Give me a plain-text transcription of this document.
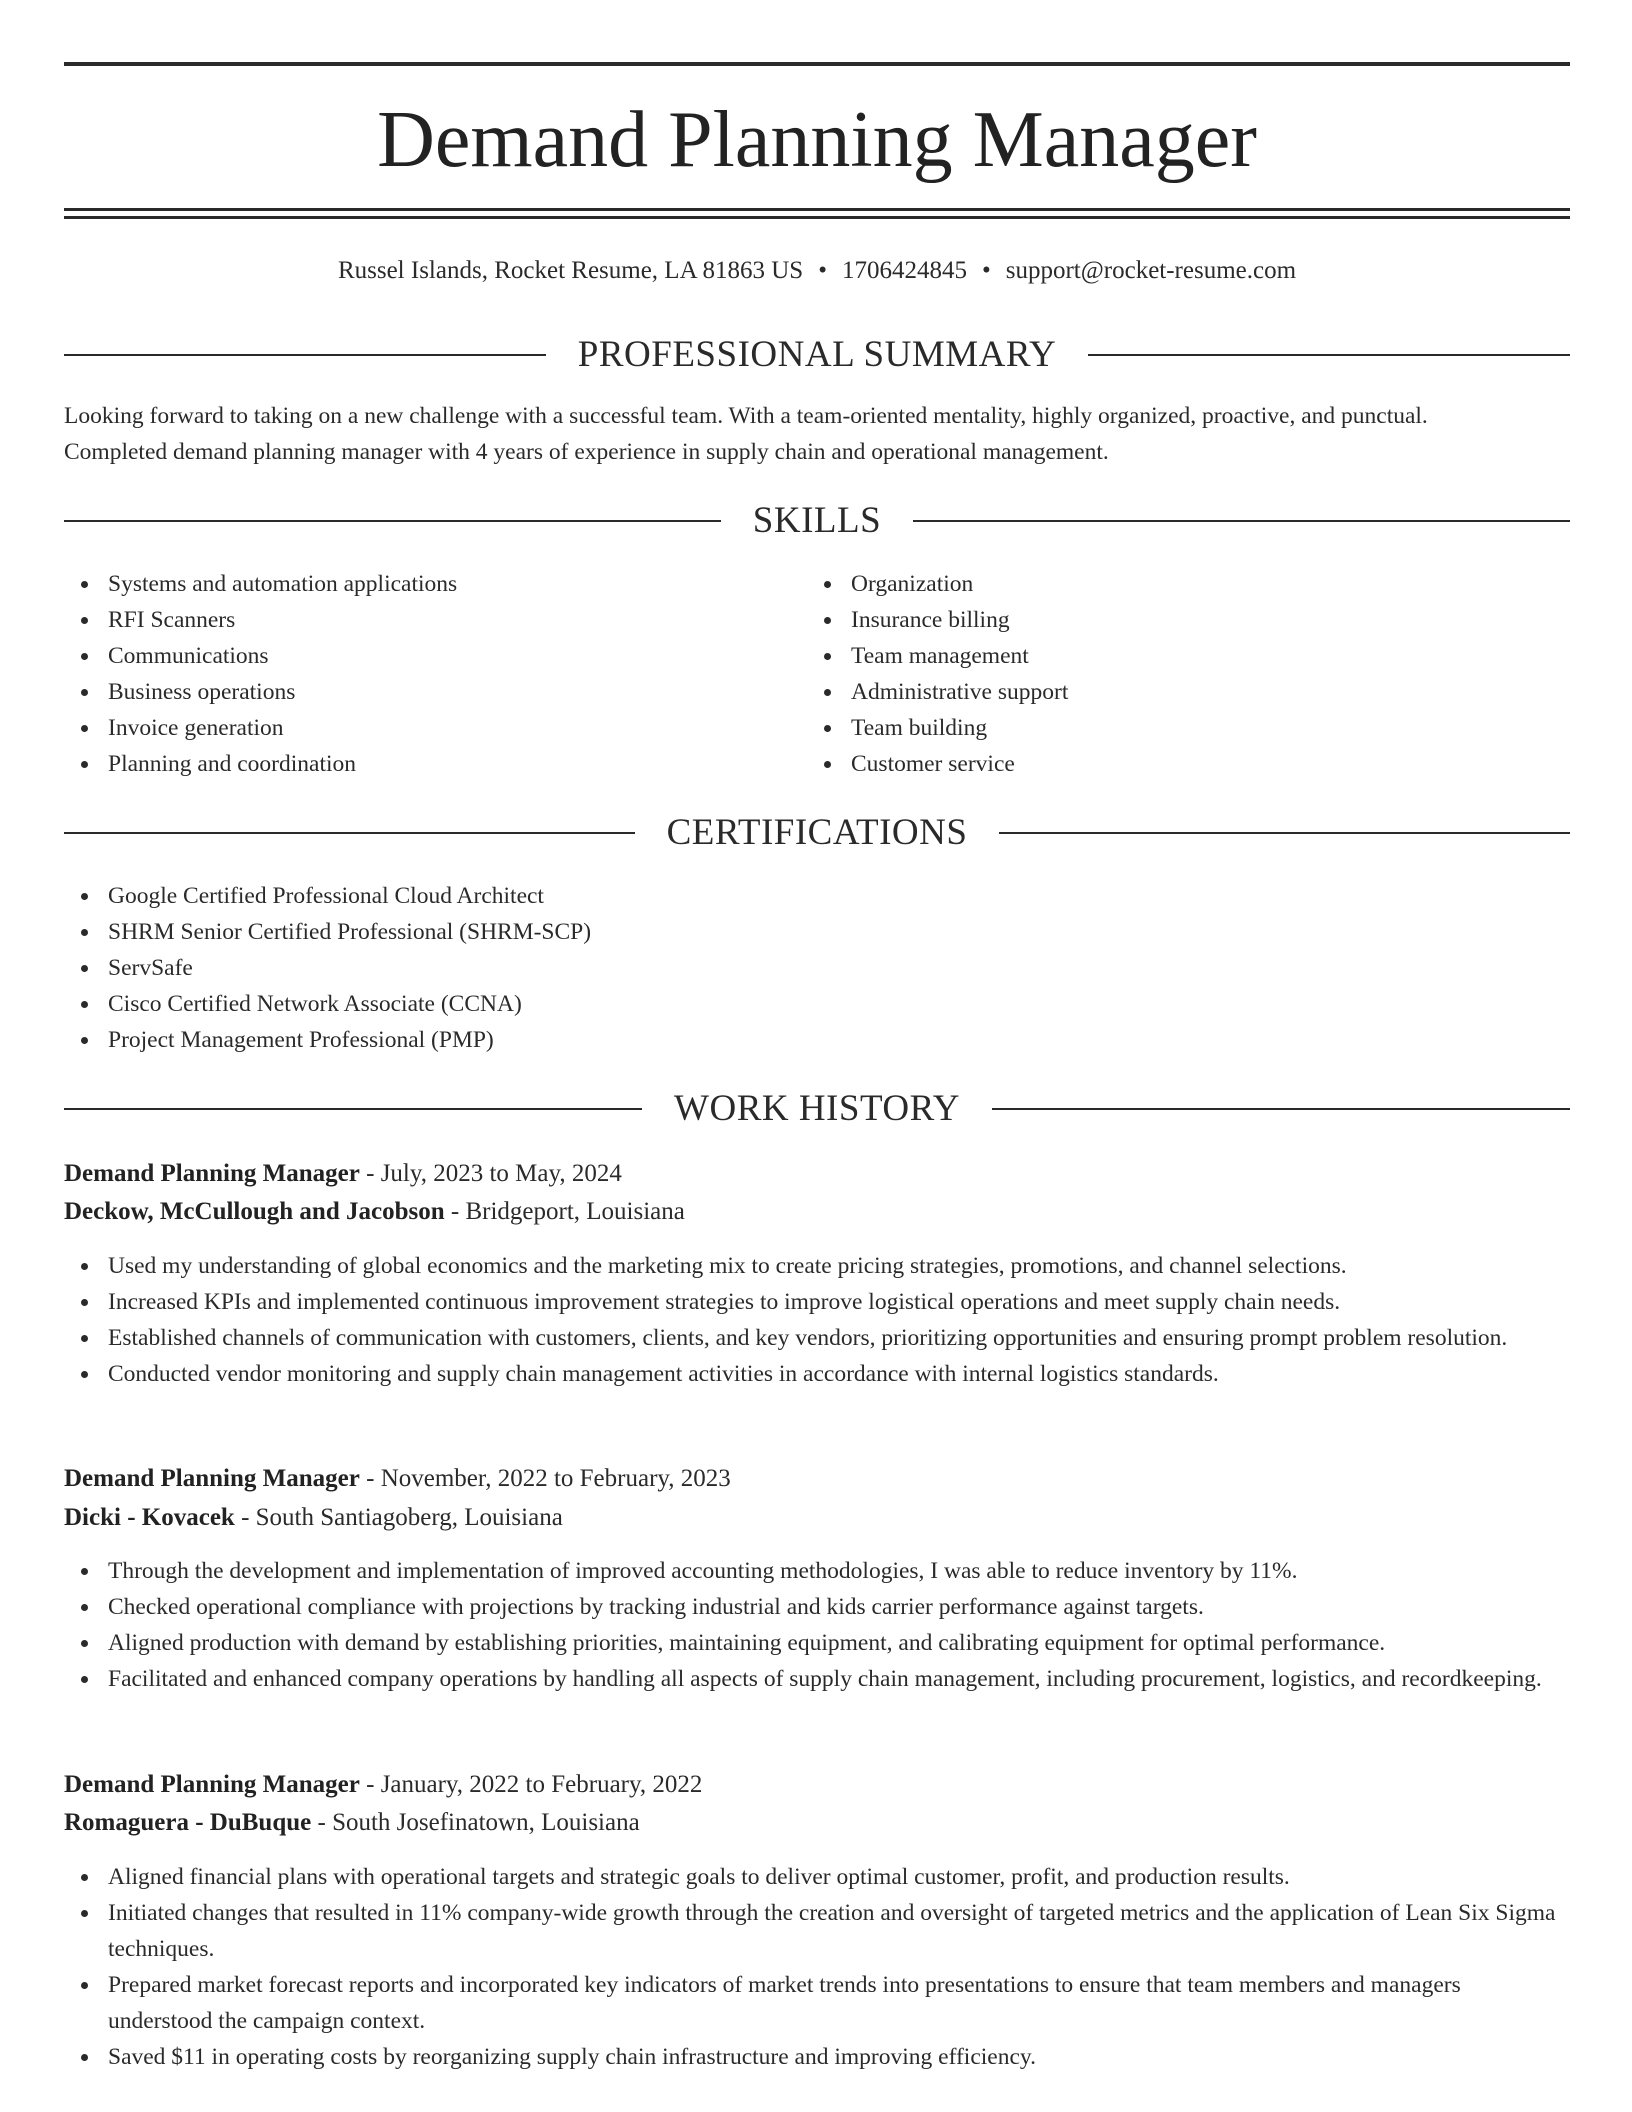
Demand Planning Manager
Russel Islands, Rocket Resume, LA 81863 US • 1706424845 • support@rocket-resume.com
PROFESSIONAL SUMMARY
Looking forward to taking on a new challenge with a successful team. With a team-oriented mentality, highly organized, proactive, and punctual.
Completed demand planning manager with 4 years of experience in supply chain and operational management.
SKILLS
Systems and automation applications
RFI Scanners
Communications
Business operations
Invoice generation
Planning and coordination
Organization
Insurance billing
Team management
Administrative support
Team building
Customer service
CERTIFICATIONS
Google Certified Professional Cloud Architect
SHRM Senior Certified Professional (SHRM-SCP)
ServSafe
Cisco Certified Network Associate (CCNA)
Project Management Professional (PMP)
WORK HISTORY
Demand Planning Manager - July, 2023 to May, 2024
Deckow, McCullough and Jacobson - Bridgeport, Louisiana
Used my understanding of global economics and the marketing mix to create pricing strategies, promotions, and channel selections.
Increased KPIs and implemented continuous improvement strategies to improve logistical operations and meet supply chain needs.
Established channels of communication with customers, clients, and key vendors, prioritizing opportunities and ensuring prompt problem resolution.
Conducted vendor monitoring and supply chain management activities in accordance with internal logistics standards.
Demand Planning Manager - November, 2022 to February, 2023
Dicki - Kovacek - South Santiagoberg, Louisiana
Through the development and implementation of improved accounting methodologies, I was able to reduce inventory by 11%.
Checked operational compliance with projections by tracking industrial and kids carrier performance against targets.
Aligned production with demand by establishing priorities, maintaining equipment, and calibrating equipment for optimal performance.
Facilitated and enhanced company operations by handling all aspects of supply chain management, including procurement, logistics, and recordkeeping.
Demand Planning Manager - January, 2022 to February, 2022
Romaguera - DuBuque - South Josefinatown, Louisiana
Aligned financial plans with operational targets and strategic goals to deliver optimal customer, profit, and production results.
Initiated changes that resulted in 11% company-wide growth through the creation and oversight of targeted metrics and the application of Lean Six Sigma techniques.
Prepared market forecast reports and incorporated key indicators of market trends into presentations to ensure that team members and managers understood the campaign context.
Saved $11 in operating costs by reorganizing supply chain infrastructure and improving efficiency.
